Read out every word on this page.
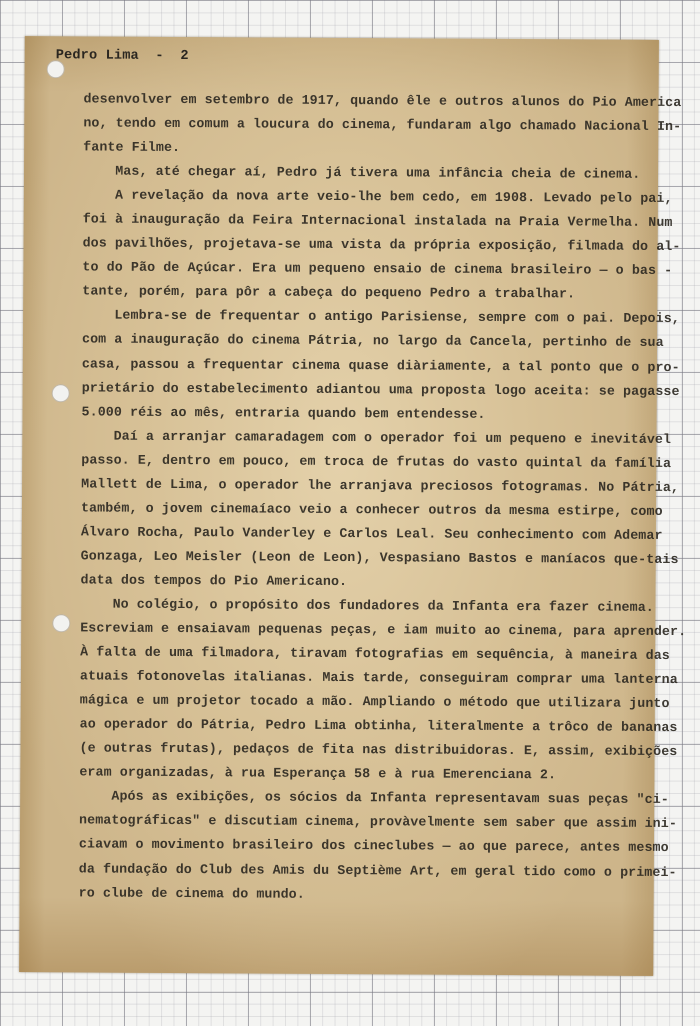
Pedro Lima  -  2
desenvolver em setembro de 1917, quando êle e outros alunos do Pio America
no, tendo em comum a loucura do cinema, fundaram algo chamado Nacional In-
fante Filme.
Mas, até chegar aí, Pedro já tivera uma infância cheia de cinema.
A revelação da nova arte veio-lhe bem cedo, em 1908. Levado pelo pai,
foi à inauguração da Feira Internacional instalada na Praia Vermelha. Num
dos pavilhões, projetava-se uma vista da própria exposição, filmada do al-
to do Pão de Açúcar. Era um pequeno ensaio de cinema brasileiro — o bas -
tante, porém, para pôr a cabeça do pequeno Pedro a trabalhar.
Lembra-se de frequentar o antigo Parisiense, sempre com o pai. Depois,
com a inauguração do cinema Pátria, no largo da Cancela, pertinho de sua
casa, passou a frequentar cinema quase diàriamente, a tal ponto que o pro-
prietário do estabelecimento adiantou uma proposta logo aceita: se pagasse
5.000 réis ao mês, entraria quando bem entendesse.
Daí a arranjar camaradagem com o operador foi um pequeno e inevitável
passo. E, dentro em pouco, em troca de frutas do vasto quintal da família
Mallett de Lima, o operador lhe arranjava preciosos fotogramas. No Pátria,
também, o jovem cinemaíaco veio a conhecer outros da mesma estirpe, como
Álvaro Rocha, Paulo Vanderley e Carlos Leal. Seu conhecimento com Ademar
Gonzaga, Leo Meisler (Leon de Leon), Vespasiano Bastos e maníacos que-tais
data dos tempos do Pio Americano.
No colégio, o propósito dos fundadores da Infanta era fazer cinema.
Escreviam e ensaiavam pequenas peças, e iam muito ao cinema, para aprender.
À falta de uma filmadora, tiravam fotografias em sequência, à maneira das
atuais fotonovelas italianas. Mais tarde, conseguiram comprar uma lanterna
mágica e um projetor tocado a mão. Ampliando o método que utilizara junto
ao operador do Pátria, Pedro Lima obtinha, literalmente a trôco de bananas
(e outras frutas), pedaços de fita nas distribuidoras. E, assim, exibições
eram organizadas, à rua Esperança 58 e à rua Emerenciana 2.
Após as exibições, os sócios da Infanta representavam suas peças "ci-
nematográficas" e discutiam cinema, provàvelmente sem saber que assim ini-
ciavam o movimento brasileiro dos cineclubes — ao que parece, antes mesmo
da fundação do Club des Amis du Septième Art, em geral tido como o primei-
ro clube de cinema do mundo.
